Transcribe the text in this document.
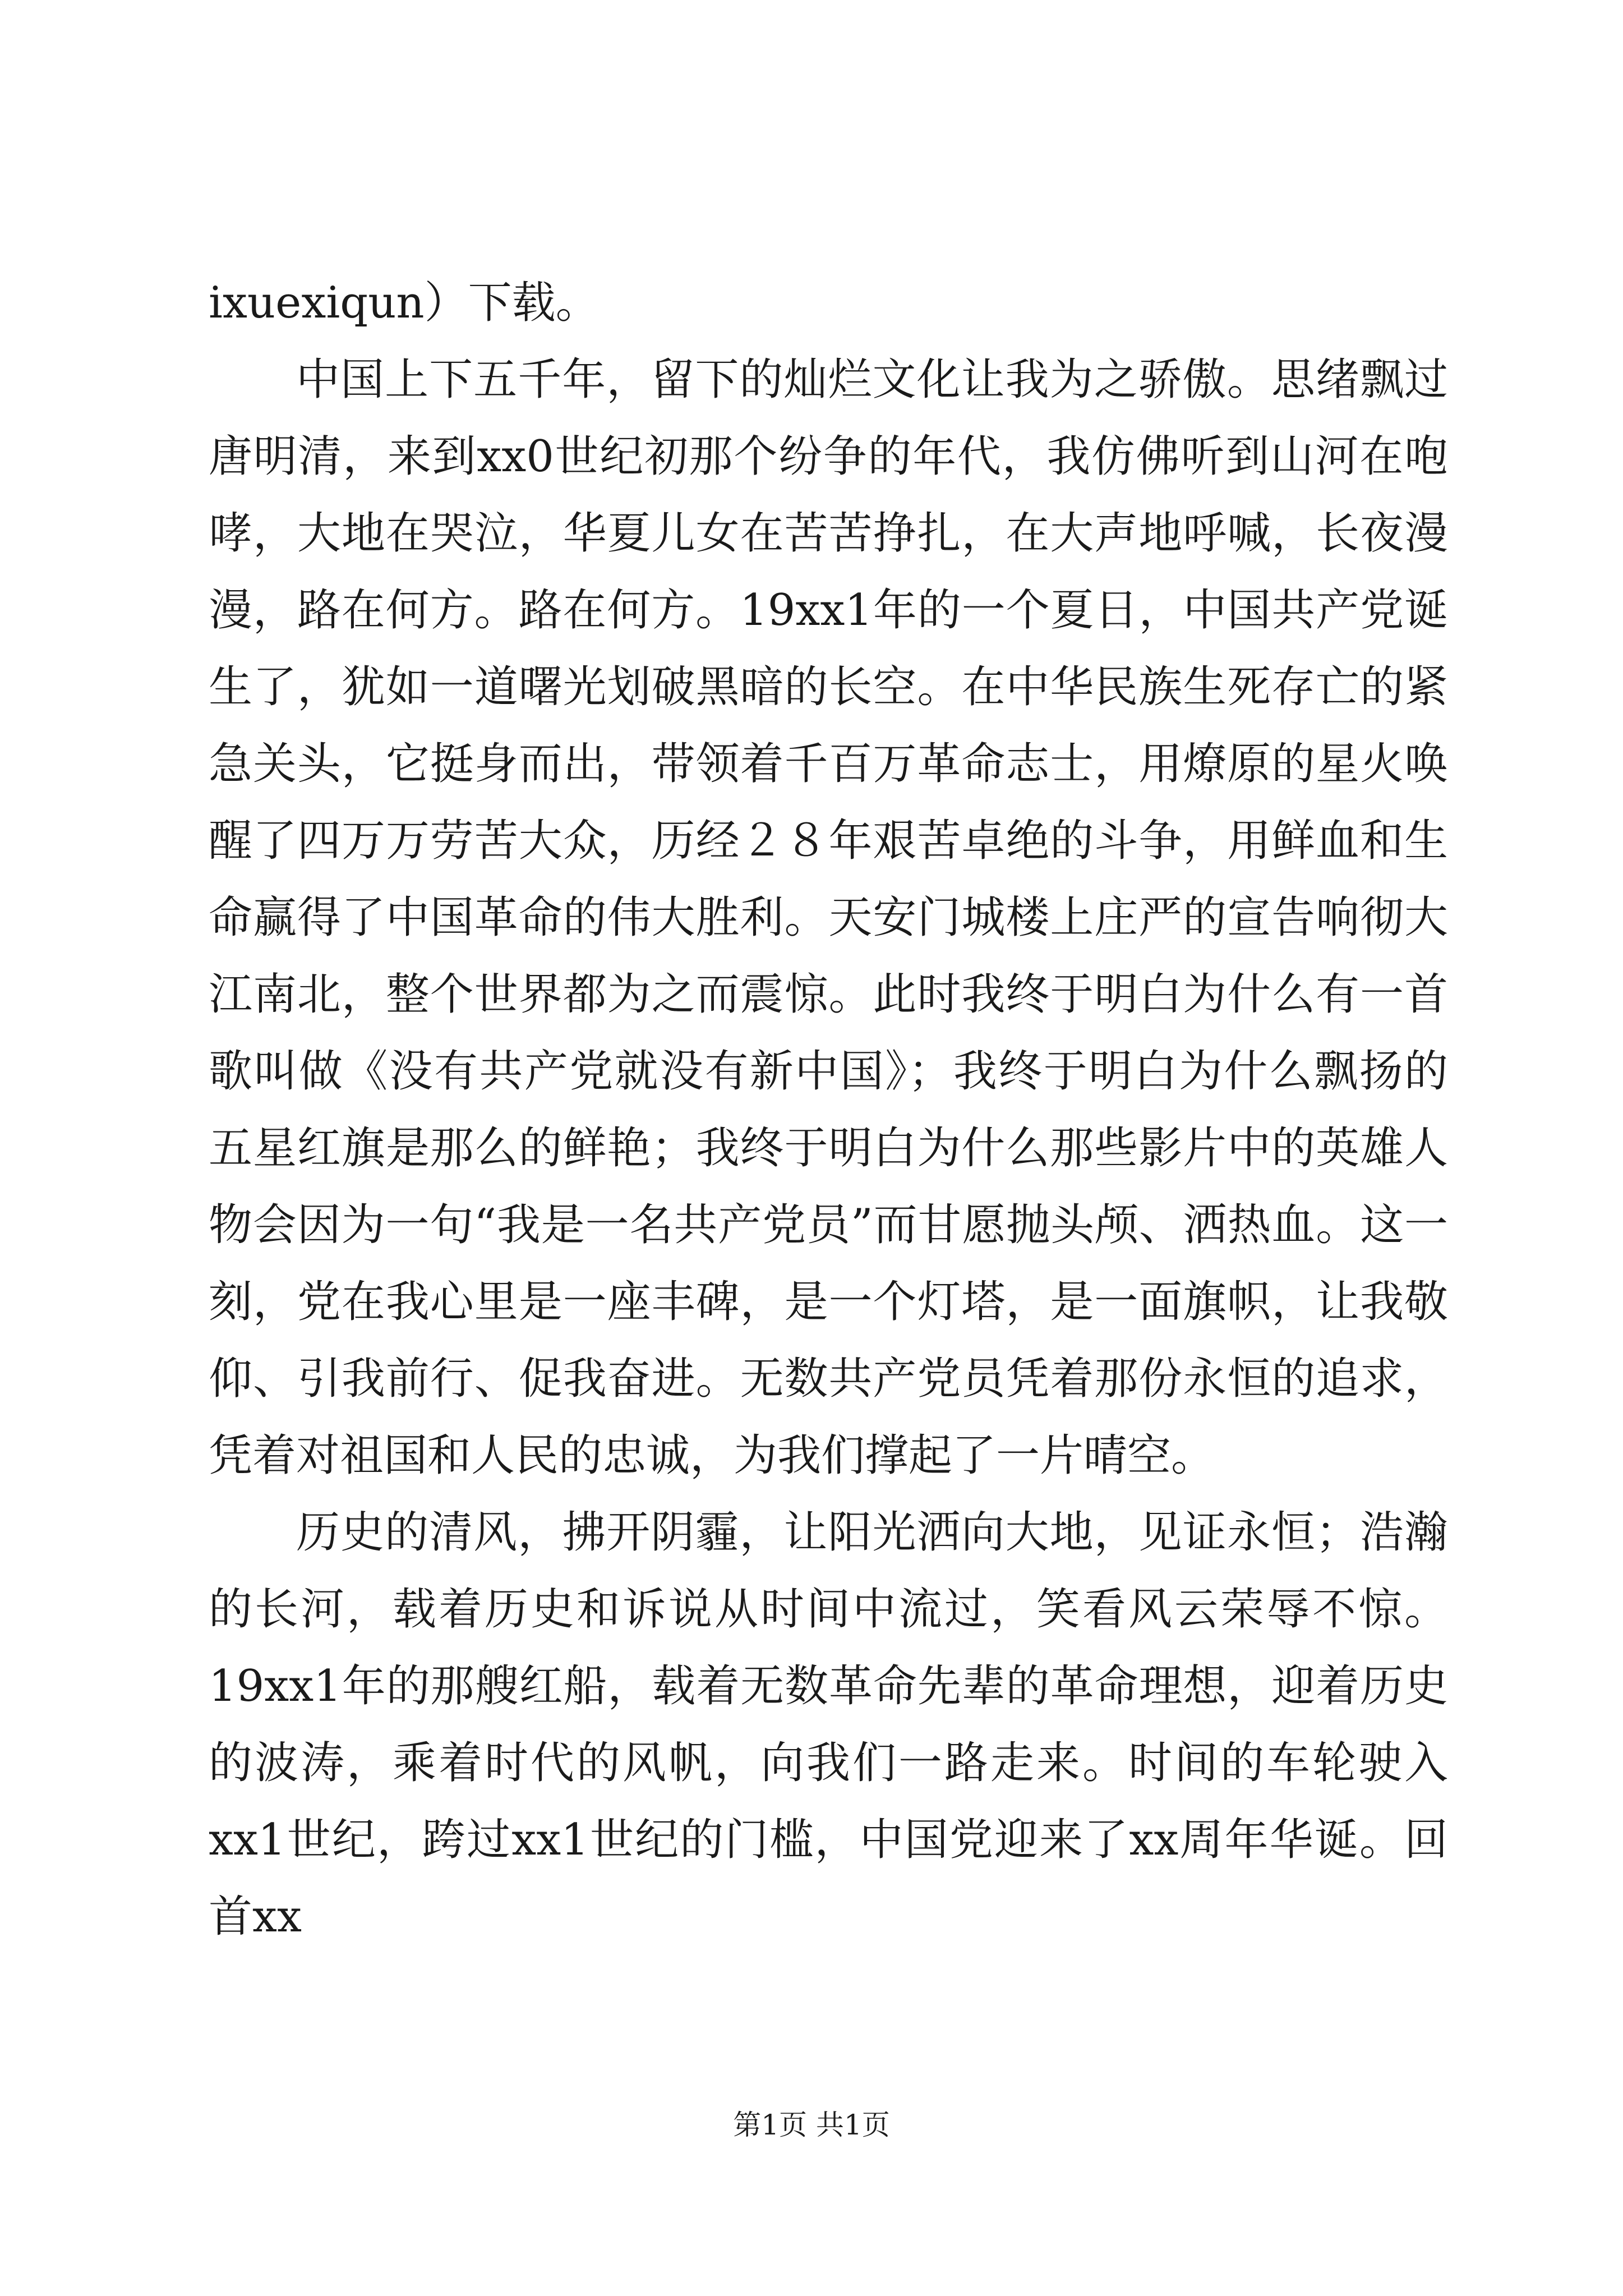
ixuexiqun）下载。

中国上下五千年，留下的灿烂文化让我为之骄傲。思绪飘过唐明清，来到xx0世纪初那个纷争的年代，我仿佛听到山河在咆哮，大地在哭泣，华夏儿女在苦苦挣扎，在大声地呼喊，长夜漫漫，路在何方。路在何方。19xx1年的一个夏日，中国共产党诞生了，犹如一道曙光划破黑暗的长空。在中华民族生死存亡的紧急关头，它挺身而出，带领着千百万革命志士，用燎原的星火唤醒了四万万劳苦大众，历经２８年艰苦卓绝的斗争，用鲜血和生命赢得了中国革命的伟大胜利。天安门城楼上庄严的宣告响彻大江南北，整个世界都为之而震惊。此时我终于明白为什么有一首歌叫做《没有共产党就没有新中国》；我终于明白为什么飘扬的五星红旗是那么的鲜艳；我终于明白为什么那些影片中的英雄人物会因为一句“我是一名共产党员”而甘愿抛头颅、洒热血。这一刻，党在我心里是一座丰碑，是一个灯塔，是一面旗帜，让我敬仰、引我前行、促我奋进。无数共产党员凭着那份永恒的追求，凭着对祖国和人民的忠诚，为我们撑起了一片晴空。

历史的清风，拂开阴霾，让阳光洒向大地，见证永恒；浩瀚的长河，载着历史和诉说从时间中流过，笑看风云荣辱不惊。19xx1年的那艘红船，载着无数革命先辈的革命理想，迎着历史的波涛，乘着时代的风帆，向我们一路走来。时间的车轮驶入xx1世纪，跨过xx1世纪的门槛，中国党迎来了xx周年华诞。回首xx

第1页 共1页
